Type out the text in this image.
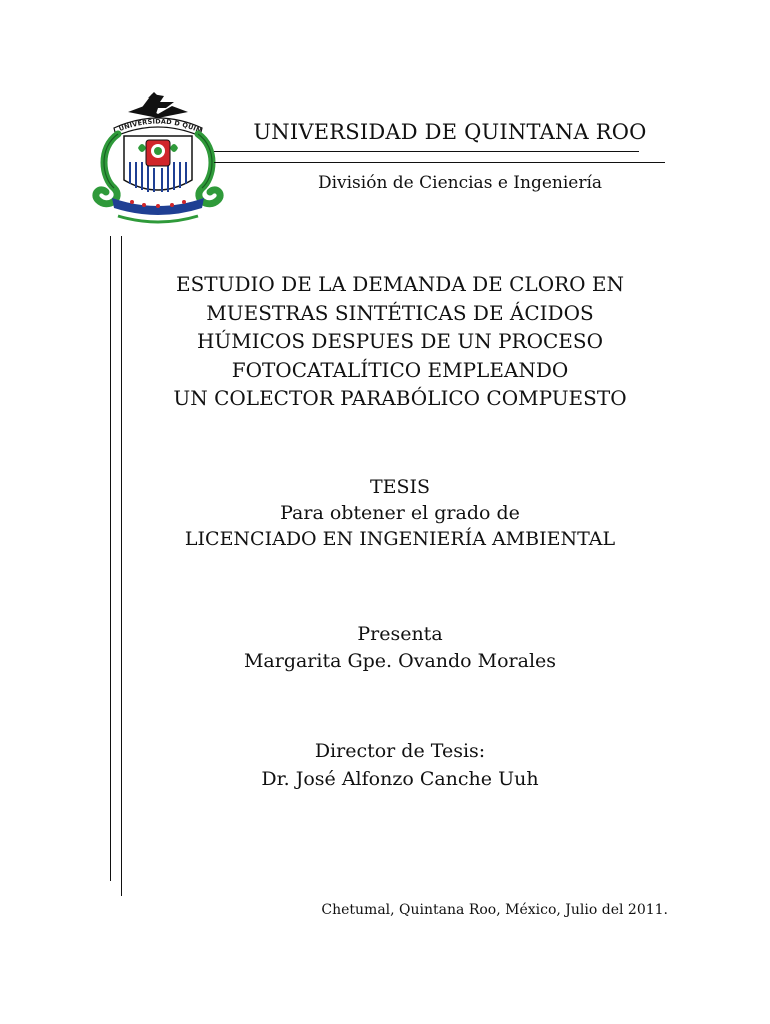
UNIVERSIDAD D QUIN	UNIVERSIDAD DE QUINTANA ROO
División de Ciencias e Ingeniería
ESTUDIO DE LA DEMANDA DE CLORO EN
MUESTRAS SINTÉTICAS DE ÁCIDOS
HÚMICOS DESPUES DE UN PROCESO
FOTOCATALÍTICO EMPLEANDO
UN COLECTOR PARABÓLICO COMPUESTO
TESIS
Para obtener el grado de
LICENCIADO EN INGENIERÍA AMBIENTAL
Presenta
Margarita Gpe. Ovando Morales
Director de Tesis:
Dr. José Alfonzo Canche Uuh
Chetumal, Quintana Roo, México, Julio del 2011.
